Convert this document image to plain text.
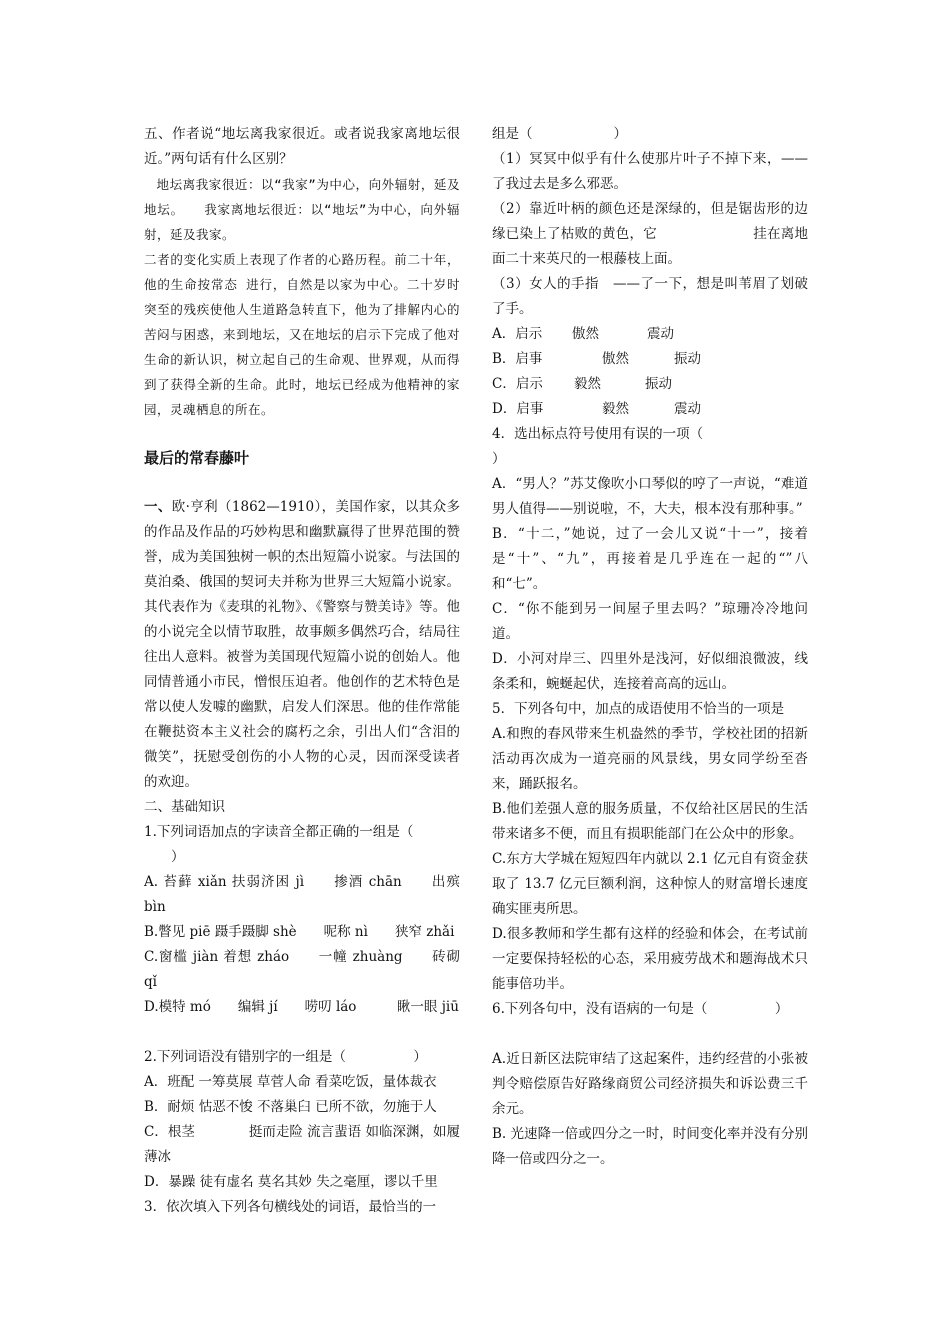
五、作者说“地坛离我家很近。或者说我家离地坛很近。”两句话有什么区别？

地坛离我家很近：以“我家”为中心，向外辐射，延及地坛。　　我家离地坛很近：以“地坛”为中心，向外辐射，延及我家。

二者的变化实质上表现了作者的心路历程。前二十年，他的生命按常态 进行，自然是以家为中心。二十岁时突至的残疾使他人生道路急转直下，他为了排解内心的苦闷与困惑，来到地坛，又在地坛的启示下完成了他对生命的新认识，树立起自己的生命观、世界观，从而得到了获得全新的生命。此时，地坛已经成为他精神的家园，灵魂栖息的所在。

最后的常春藤叶

一、欧·亨利（1862—1910），美国作家，以其众多的作品及作品的巧妙构思和幽默赢得了世界范围的赞誉，成为美国独树一帜的杰出短篇小说家。与法国的莫泊桑、俄国的契诃夫并称为世界三大短篇小说家。其代表作为《麦琪的礼物》、《警察与赞美诗》等。他的小说完全以情节取胜，故事颇多偶然巧合，结局往往出人意料。被誉为美国现代短篇小说的创始人。他同情普通小市民，憎恨压迫者。他创作的艺术特色是常以使人发噱的幽默，启发人们深思。他的佳作常能在鞭挞资本主义社会的腐朽之余，引出人们“含泪的微笑”，抚慰受创伤的小人物的心灵，因而深受读者的欢迎。

二、基础知识

1.下列词语加点的字读音全都正确的一组是（

　　）

A. 苔藓 xiǎn 扶弱济困 jì　　掺酒 chān　　出殡 bìn

B.瞥见 piē 蹑手蹑脚 shè　　呢称 nì　　狭窄 zhǎi

C.窗槛 jiàn 着想 zháo　　一幢 zhuàng　　砖砌 qǐ

D.模特 mó　　编辑 jí　　唠叨 láo　　　瞅一眼 jiū

2.下列词语没有错别字的一组是（　　　　　）

A．班配 一筹莫展 草菅人命 看菜吃饭，量体裁衣

B．耐烦 怙恶不悛 不落巢臼 已所不欲，勿施于人

C．根茎　　　　挺而走险 流言蜚语 如临深渊，如履薄冰

D．暴躁 徒有虚名 莫名其妙 失之毫厘，谬以千里

3．依次填入下列各句横线处的词语，最恰当的一

组是（　　　　　　）

（1）冥冥中似乎有什么使那片叶子不掉下来，——　了我过去是多么邪恶。

（2）靠近叶柄的颜色还是深绿的，但是锯齿形的边缘已染上了枯败的黄色，它　　　　　　　挂在离地面二十来英尺的一根藤枝上面。

（3）女人的手指　——了一下，想是叫苇眉了划破了手。

A．启示 傲然	震动

B．启事	傲然	振动

C．启示 毅然	振动

D．启事	毅然	震动

4．选出标点符号使用有误的一项（

）

A．“男人？”苏艾像吹小口琴似的哼了一声说，“难道男人值得——别说啦，不，大夫，根本没有那种事。”

B．“十二，”她说，过了一会儿又说“十一”，接着是“十”、“九”，再接着是几乎连在一起的“”八和“七”。

C．“你不能到另一间屋子里去吗？”琼珊冷冷地问道。

D．小河对岸三、四里外是浅河，好似细浪微波，线条柔和，蜿蜒起伏，连接着高高的远山。

5．下列各句中，加点的成语使用不恰当的一项是

A.和煦的春风带来生机盎然的季节，学校社团的招新活动再次成为一道亮丽的风景线，男女同学纷至沓来，踊跃报名。

B.他们差强人意的服务质量，不仅给社区居民的生活带来诸多不便，而且有损职能部门在公众中的形象。

C.东方大学城在短短四年内就以 2.1 亿元自有资金获取了 13.7 亿元巨额利润，这种惊人的财富增长速度确实匪夷所思。

D.很多教师和学生都有这样的经验和体会，在考试前一定要保持轻松的心态，采用疲劳战术和题海战术只能事倍功半。

6.下列各句中，没有语病的一句是（　　　　　）

A.近日新区法院审结了这起案件，违约经营的小张被判令赔偿原告好路缘商贸公司经济损失和诉讼费三千余元。

B. 光速降一倍或四分之一时，时间变化率并没有分别降一倍或四分之一。
